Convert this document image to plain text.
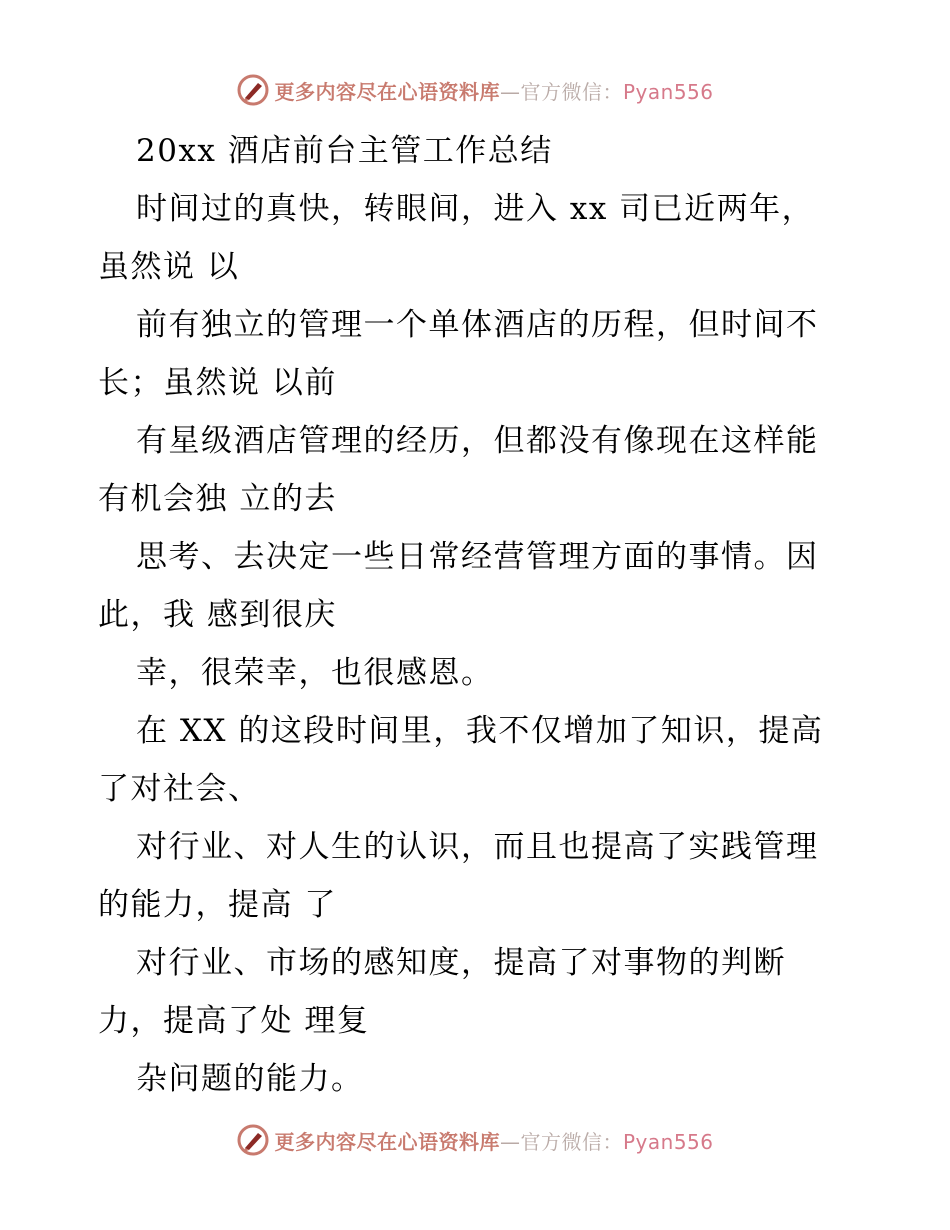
更多内容尽在心语资料库—官方微信：Pyan556
20xx 酒店前台主管工作总结
时间过的真快，转眼间，进入 xx 司已近两年，
虽然说 以
前有独立的管理一个单体酒店的历程，但时间不
长；虽然说 以前
有星级酒店管理的经历，但都没有像现在这样能
有机会独 立的去
思考、去决定一些日常经营管理方面的事情。因
此，我 感到很庆
幸，很荣幸，也很感恩。
在 XX 的这段时间里，我不仅增加了知识，提高
了对社会、
对行业、对人生的认识，而且也提高了实践管理
的能力，提高 了
对行业、市场的感知度，提高了对事物的判断
力，提高了处 理复
杂问题的能力。
更多内容尽在心语资料库—官方微信：Pyan556
